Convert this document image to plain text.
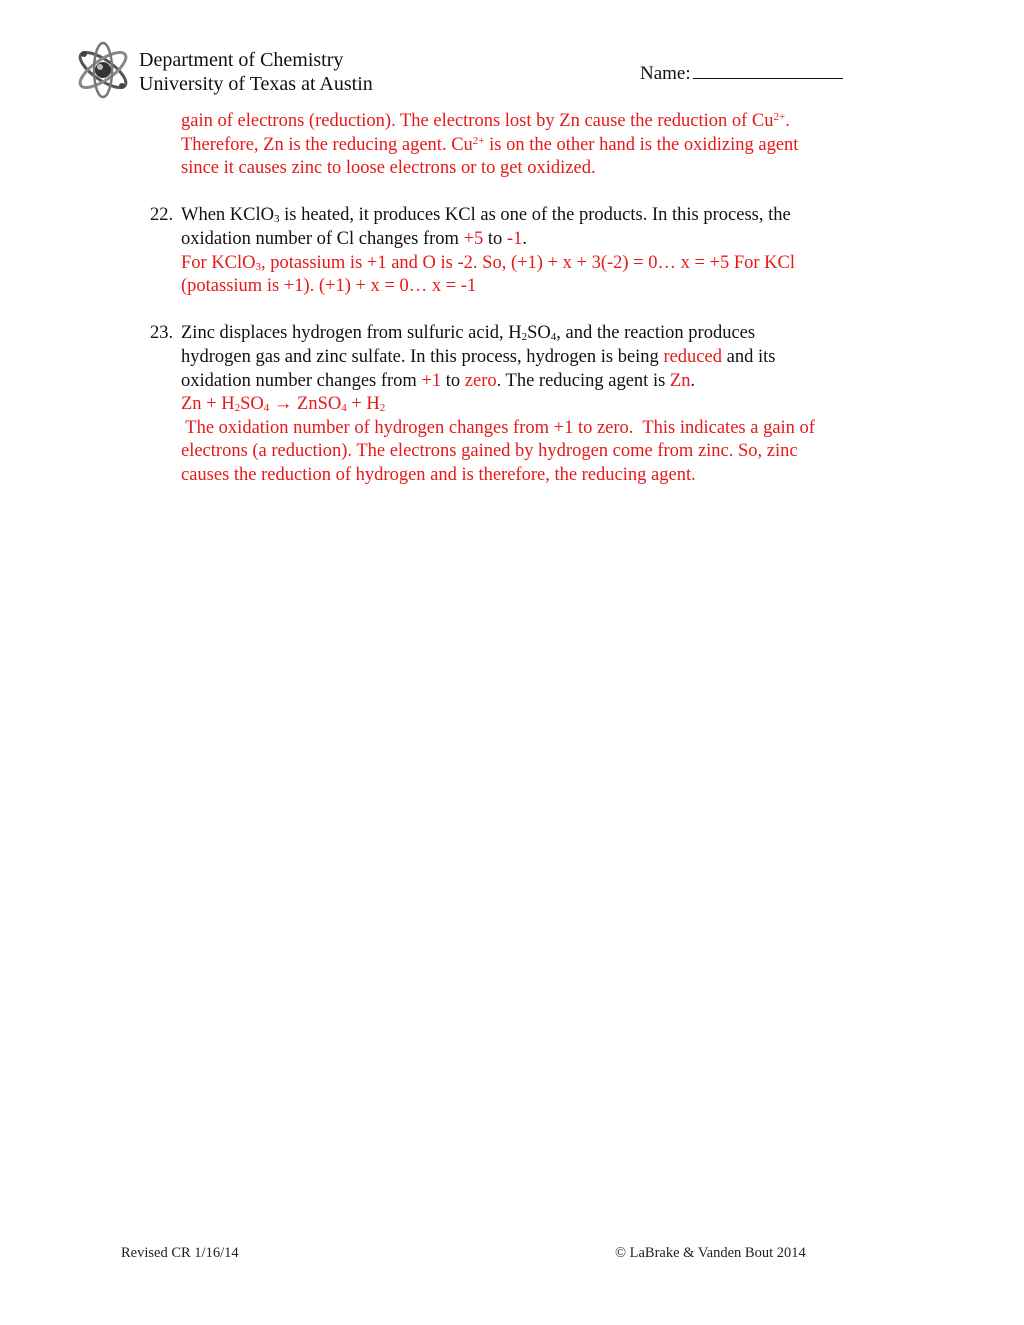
Department of Chemistry
University of Texas at Austin	Name:

gain of electrons (reduction). The electrons lost by Zn cause the reduction of $Cu^{2+}$.

Therefore, Zn is the reducing agent. $Cu^{2+}$ is on the other hand is the oxidizing agent

since it causes zinc to loose electrons or to get oxidized.

22. When KClO$_3$ is heated, it produces KCl as one of the products. In this process, the

oxidation number of Cl changes from +5 to -1.

For KClO$_3$, potassium is +1 and O is -2. So, (+1) + x + 3(-2) = 0… x = +5 For KCl

(potassium is +1). (+1) + x = 0… x = -1

23. Zinc displaces hydrogen from sulfuric acid, $H_2SO_4$, and the reaction produces

hydrogen gas and zinc sulfate. In this process, hydrogen is being reduced and its

oxidation number changes from +1 to zero. The reducing agent is Zn.

$Zn + H_2SO_4$ → ZnSO$_4$ + $H_2$

The oxidation number of hydrogen changes from +1 to zero.  This indicates a gain of

electrons (a reduction). The electrons gained by hydrogen come from zinc. So, zinc

causes the reduction of hydrogen and is therefore, the reducing agent.

Revised CR 1/16/14	© LaBrake & Vanden Bout 2014
